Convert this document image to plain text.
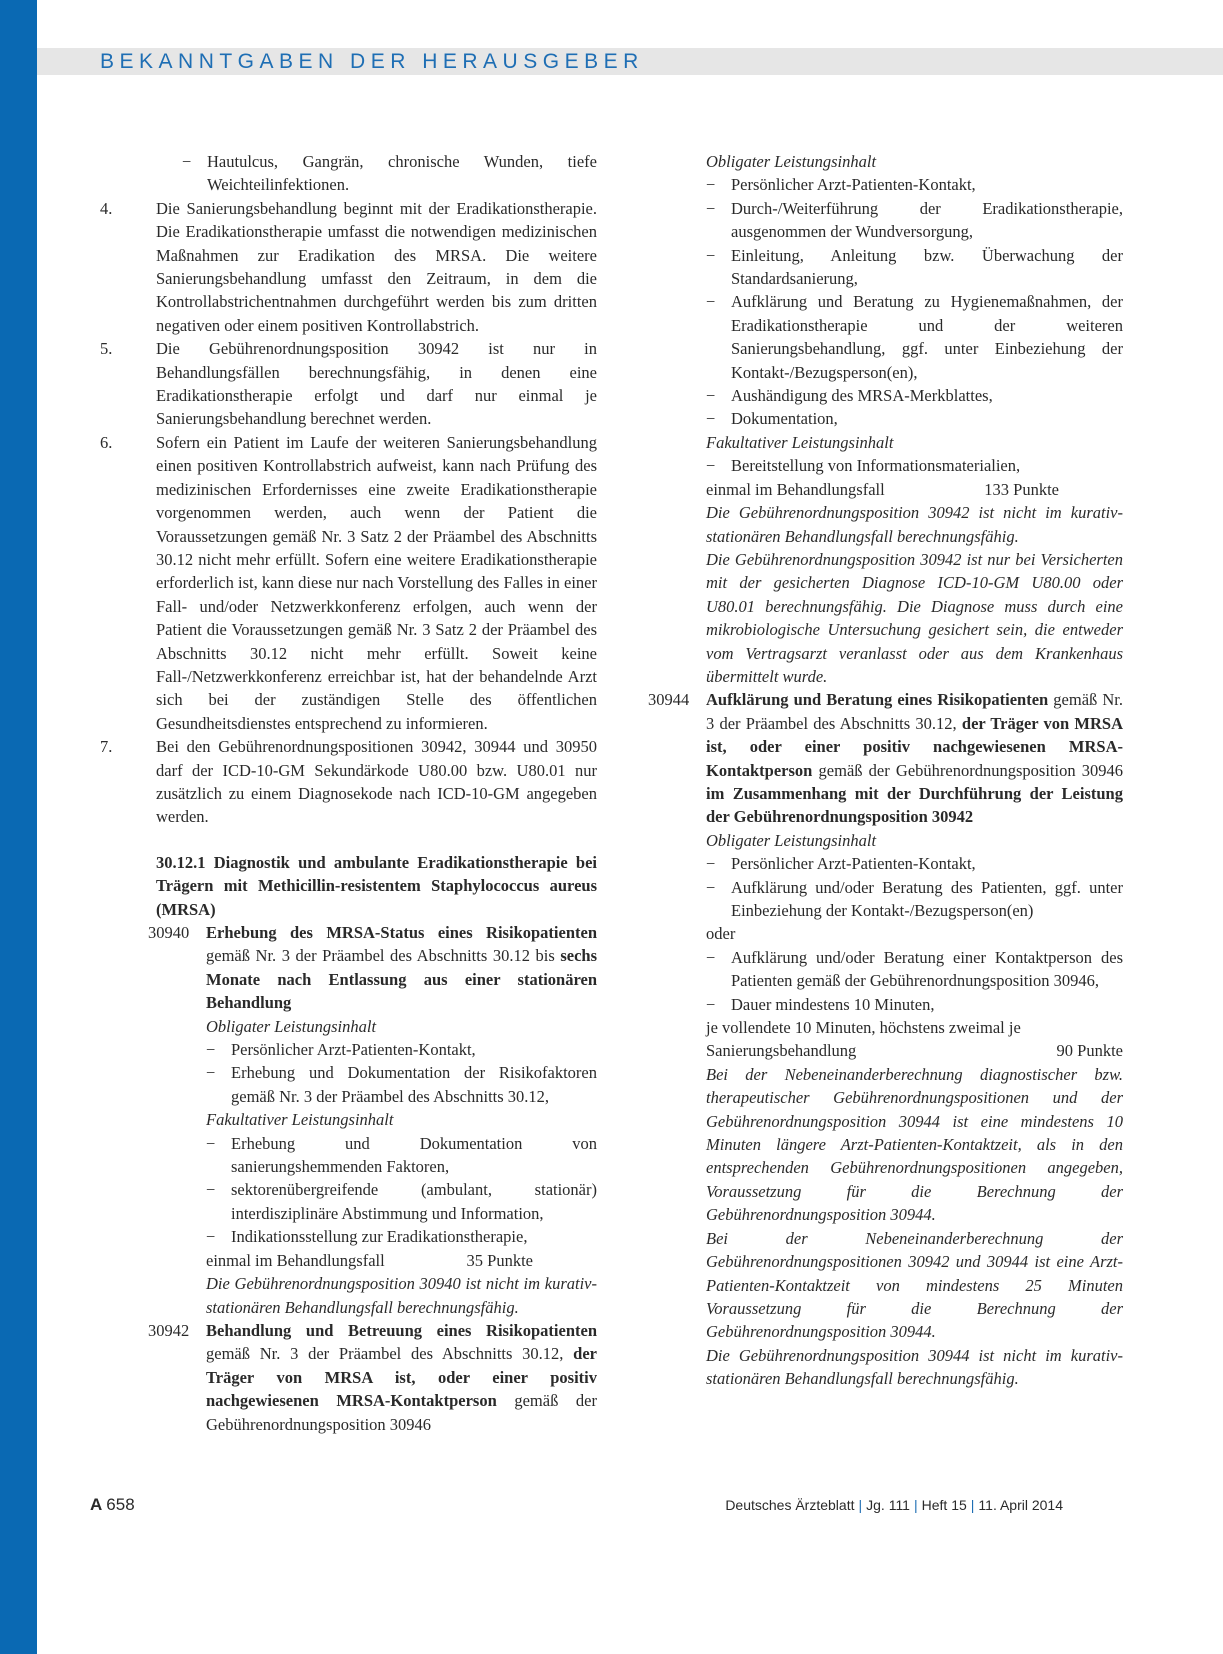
BEKANNTGABEN DER HERAUSGEBER

− Hautulcus, Gangrän, chronische Wunden, tiefe Weichteilinfektionen.

4.	Die Sanierungsbehandlung beginnt mit der Eradikationstherapie. Die Eradikationstherapie umfasst die notwendigen medizinischen Maßnahmen zur Eradikation des MRSA. Die weitere Sanierungsbehandlung umfasst den Zeitraum, in dem die Kontrollabstrichentnahmen durchgeführt werden bis zum dritten negativen oder einem positiven Kontrollabstrich.
5.	Die Gebührenordnungsposition 30942 ist nur in Behandlungsfällen berechnungsfähig, in denen eine Eradikationstherapie erfolgt und darf nur einmal je Sanierungsbehandlung berechnet werden.
6.	Sofern ein Patient im Laufe der weiteren Sanierungsbehandlung einen positiven Kontrollabstrich aufweist, kann nach Prüfung des medizinischen Erfordernisses eine zweite Eradikationstherapie vorgenommen werden, auch wenn der Patient die Voraussetzungen gemäß Nr. 3 Satz 2 der Präambel des Abschnitts 30.12 nicht mehr erfüllt. Sofern eine weitere Eradikationstherapie erforderlich ist, kann diese nur nach Vorstellung des Falles in einer Fall- und/oder Netzwerkkonferenz erfolgen, auch wenn der Patient die Voraussetzungen gemäß Nr. 3 Satz 2 der Präambel des Abschnitts 30.12 nicht mehr erfüllt. Soweit keine Fall-/Netzwerkkonferenz erreichbar ist, hat der behandelnde Arzt sich bei der zuständigen Stelle des öffentlichen Gesundheitsdienstes entsprechend zu informieren.
7.	Bei den Gebührenordnungspositionen 30942, 30944 und 30950 darf der ICD-10-GM Sekundärkode U80.00 bzw. U80.01 nur zusätzlich zu einem Diagnosekode nach ICD-10-GM angegeben werden.
30.12.1 Diagnostik und ambulante Eradikationstherapie bei Trägern mit Methicillin-resistentem Staphylococcus aureus (MRSA)
30940 Erhebung des MRSA-Status eines Risikopatienten gemäß Nr. 3 der Präambel des Abschnitts 30.12 bis sechs Monate nach Entlassung aus einer stationären Behandlung
Obligater Leistungsinhalt
− Persönlicher Arzt-Patienten-Kontakt,
− Erhebung und Dokumentation der Risikofaktoren gemäß Nr. 3 der Präambel des Abschnitts 30.12,
Fakultativer Leistungsinhalt
− Erhebung und Dokumentation von sanierungshemmenden Faktoren,
− sektorenübergreifende (ambulant, stationär) interdisziplinäre Abstimmung und Information,
− Indikationsstellung zur Eradikationstherapie,
einmal im Behandlungsfall	35 Punkte
Die Gebührenordnungsposition 30940 ist nicht im kurativ-stationären Behandlungsfall berechnungsfähig.
30942 Behandlung und Betreuung eines Risikopatienten gemäß Nr. 3 der Präambel des Abschnitts 30.12, der Träger von MRSA ist, oder einer positiv nachgewiesenen MRSA-Kontaktperson gemäß der Gebührenordnungsposition 30946
Obligater Leistungsinhalt
− Persönlicher Arzt-Patienten-Kontakt,
− Durch-/Weiterführung der Eradikationstherapie, ausgenommen der Wundversorgung,
− Einleitung, Anleitung bzw. Überwachung der Standardsanierung,
− Aufklärung und Beratung zu Hygienemaßnahmen, der Eradikationstherapie und der weiteren Sanierungsbehandlung, ggf. unter Einbeziehung der Kontakt-/Bezugsperson(en),
− Aushändigung des MRSA-Merkblattes,
− Dokumentation,
Fakultativer Leistungsinhalt
− Bereitstellung von Informationsmaterialien,
einmal im Behandlungsfall	133 Punkte
Die Gebührenordnungsposition 30942 ist nicht im kurativ-stationären Behandlungsfall berechnungsfähig.
Die Gebührenordnungsposition 30942 ist nur bei Versicherten mit der gesicherten Diagnose ICD-10-GM U80.00 oder U80.01 berechnungsfähig. Die Diagnose muss durch eine mikrobiologische Untersuchung gesichert sein, die entweder vom Vertragsarzt veranlasst oder aus dem Krankenhaus übermittelt wurde.
30944 Aufklärung und Beratung eines Risikopatienten gemäß Nr. 3 der Präambel des Abschnitts 30.12, der Träger von MRSA ist, oder einer positiv nachgewiesenen MRSA-Kontaktperson gemäß der Gebührenordnungsposition 30946 im Zusammenhang mit der Durchführung der Leistung der Gebührenordnungsposition 30942
Obligater Leistungsinhalt
− Persönlicher Arzt-Patienten-Kontakt,
− Aufklärung und/oder Beratung des Patienten, ggf. unter Einbeziehung der Kontakt-/Bezugsperson(en)
oder
− Aufklärung und/oder Beratung einer Kontaktperson des Patienten gemäß der Gebührenordnungsposition 30946,
− Dauer mindestens 10 Minuten,
je vollendete 10 Minuten, höchstens zweimal je
Sanierungsbehandlung	90 Punkte
Bei der Nebeneinanderberechnung diagnostischer bzw. therapeutischer Gebührenordnungspositionen und der Gebührenordnungsposition 30944 ist eine mindestens 10 Minuten längere Arzt-Patienten-Kontaktzeit, als in den entsprechenden Gebührenordnungspositionen angegeben, Voraussetzung für die Berechnung der Gebührenordnungsposition 30944.
Bei der Nebeneinanderberechnung der Gebührenordnungspositionen 30942 und 30944 ist eine Arzt-Patienten-Kontaktzeit von mindestens 25 Minuten Voraussetzung für die Berechnung der Gebührenordnungsposition 30944.
Die Gebührenordnungsposition 30944 ist nicht im kurativ-stationären Behandlungsfall berechnungsfähig.
A 658	Deutsches Ärzteblatt | Jg. 111 | Heft 15 | 11. April 2014
